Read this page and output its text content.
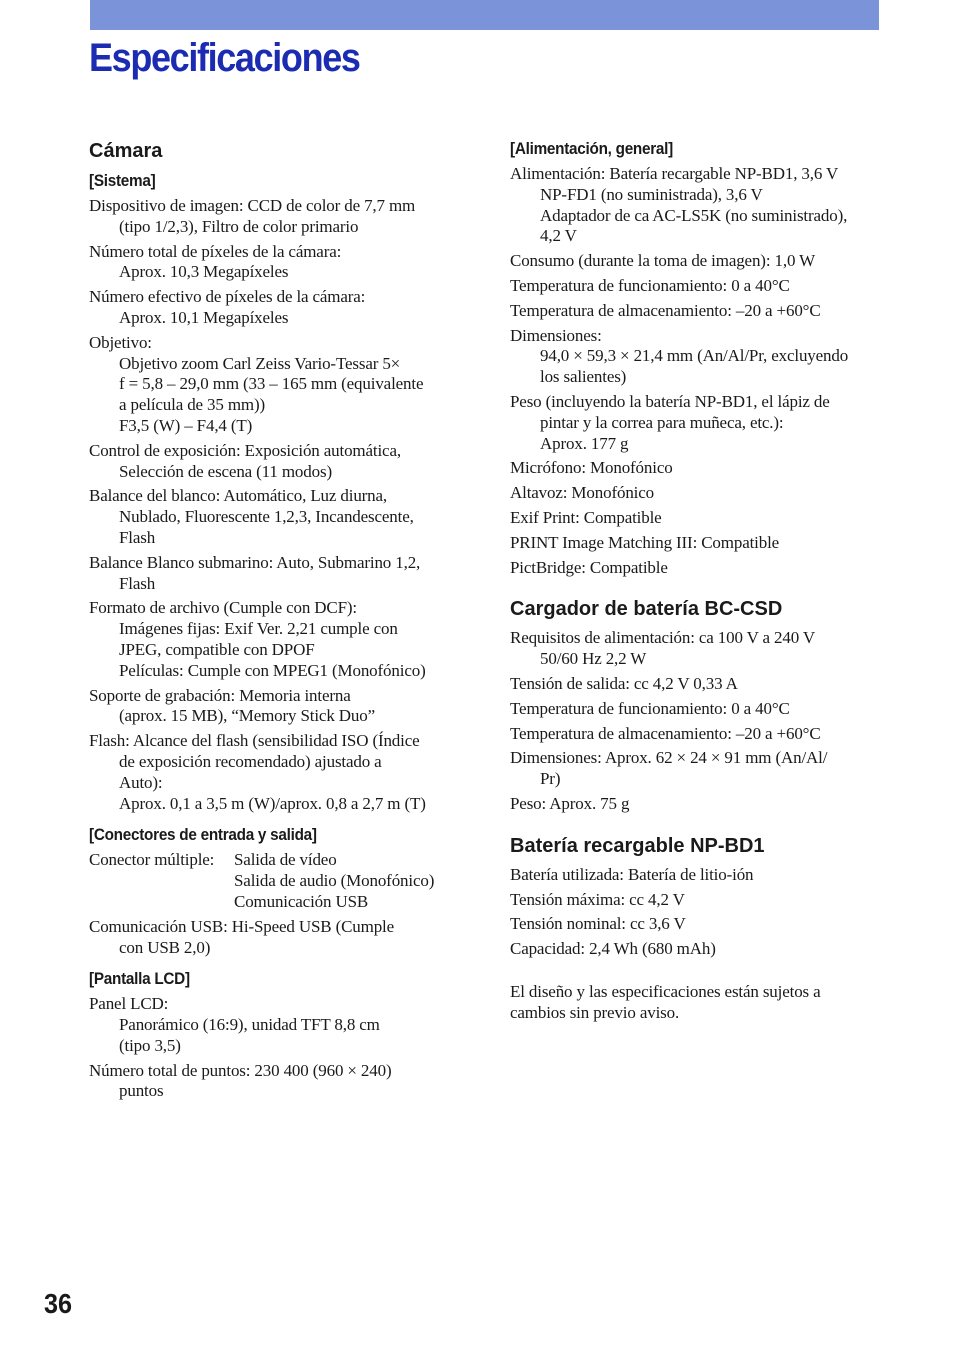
Especificaciones
Cámara
[Sistema]
Dispositivo de imagen: CCD de color de 7,7 mm
(tipo 1/2,3), Filtro de color primario
Número total de píxeles de la cámara:
Aprox. 10,3 Megapíxeles
Número efectivo de píxeles de la cámara:
Aprox. 10,1 Megapíxeles
Objetivo:
Objetivo zoom Carl Zeiss Vario-Tessar 5×
f = 5,8 – 29,0 mm (33 – 165 mm (equivalente
a película de 35 mm))
F3,5 (W) – F4,4 (T)
Control de exposición: Exposición automática,
Selección de escena (11 modos)
Balance del blanco: Automático, Luz diurna,
Nublado, Fluorescente 1,2,3, Incandescente,
Flash
Balance Blanco submarino: Auto, Submarino 1,2,
Flash
Formato de archivo (Cumple con DCF):
Imágenes fijas: Exif Ver. 2,21 cumple con
JPEG, compatible con DPOF
Películas: Cumple con MPEG1 (Monofónico)
Soporte de grabación: Memoria interna
(aprox. 15 MB), “Memory Stick Duo”
Flash: Alcance del flash (sensibilidad ISO (Índice
de exposición recomendado) ajustado a
Auto):
Aprox. 0,1 a 3,5 m (W)/aprox. 0,8 a 2,7 m (T)
[Conectores de entrada y salida]
Conector múltiple:	Salida de vídeo
Salida de audio (Monofónico)
Comunicación USB
Comunicación USB: Hi-Speed USB (Cumple
con USB 2,0)
[Pantalla LCD]
Panel LCD:
Panorámico (16:9), unidad TFT 8,8 cm
(tipo 3,5)
Número total de puntos: 230 400 (960 × 240)
puntos
[Alimentación, general]
Alimentación: Batería recargable NP-BD1, 3,6 V
NP-FD1 (no suministrada), 3,6 V
Adaptador de ca AC-LS5K (no suministrado),
4,2 V
Consumo (durante la toma de imagen): 1,0 W
Temperatura de funcionamiento: 0 a 40°C
Temperatura de almacenamiento: –20 a +60°C
Dimensiones:
94,0 × 59,3 × 21,4 mm (An/Al/Pr, excluyendo
los salientes)
Peso (incluyendo la batería NP-BD1, el lápiz de
pintar y la correa para muñeca, etc.):
Aprox. 177 g
Micrófono: Monofónico
Altavoz: Monofónico
Exif Print: Compatible
PRINT Image Matching III: Compatible
PictBridge: Compatible
Cargador de batería BC-CSD
Requisitos de alimentación: ca 100 V a 240 V
50/60 Hz 2,2 W
Tensión de salida: cc 4,2 V 0,33 A
Temperatura de funcionamiento: 0 a 40°C
Temperatura de almacenamiento: –20 a +60°C
Dimensiones: Aprox. 62 × 24 × 91 mm (An/Al/
Pr)
Peso: Aprox. 75 g
Batería recargable NP-BD1
Batería utilizada: Batería de litio-ión
Tensión máxima: cc 4,2 V
Tensión nominal: cc 3,6 V
Capacidad: 2,4 Wh (680 mAh)
El diseño y las especificaciones están sujetos a
cambios sin previo aviso.
36
